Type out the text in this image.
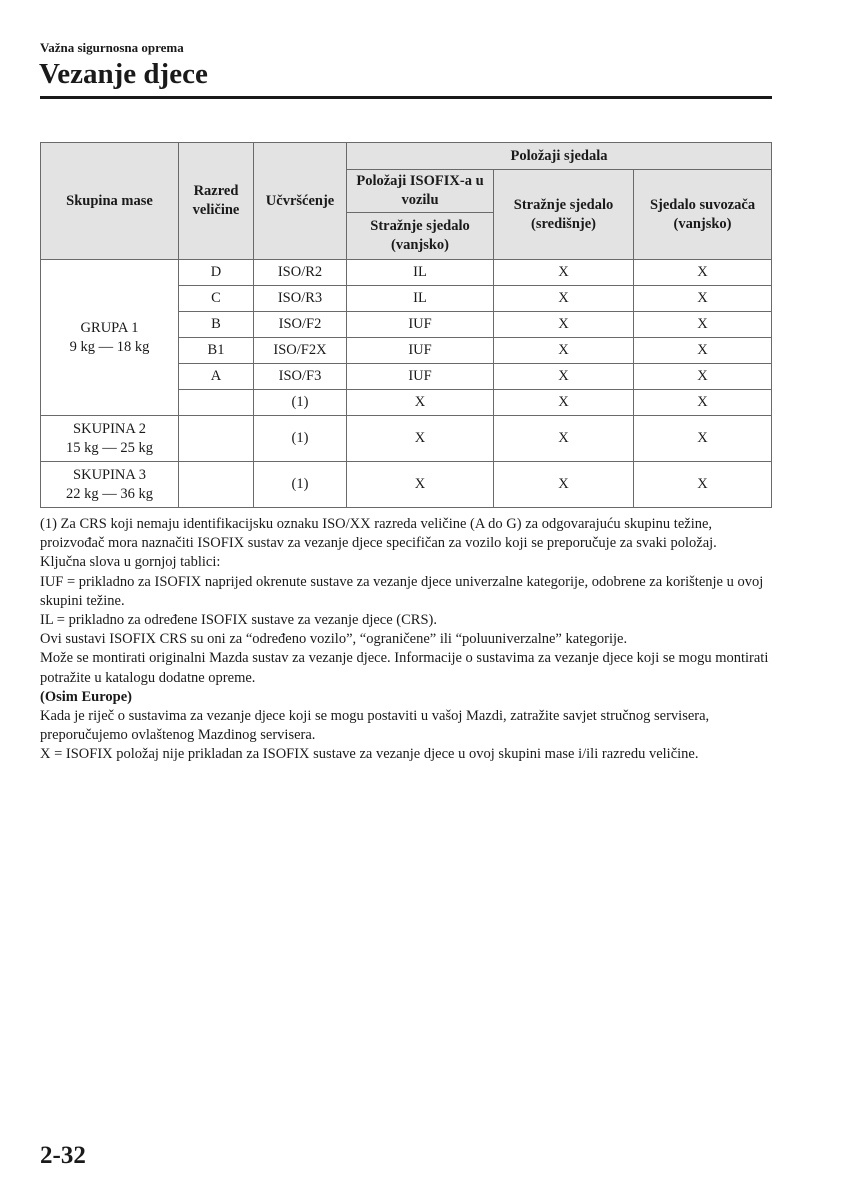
Važna sigurnosna oprema
Vezanje djece
Skupina mase	Razred veličine	Učvršćenje	Položaji sjedala		
			Položaji ISOFIX-a u vozilu	Stražnje sjedalo (središnje)	Sjedalo suvozača (vanjsko)
			Stražnje sjedalo (vanjsko)		

GRUPA 1
9 kg — 18 kg	D	ISO/R2	IL	X	X
	C	ISO/R3	IL	X	X
	B	ISO/F2	IUF	X	X
	B1	ISO/F2X	IUF	X	X
	A	ISO/F3	IUF	X	X
		(1)	X	X	X

SKUPINA 2
15 kg — 25 kg		(1)	X	X	X

SKUPINA 3
22 kg — 36 kg		(1)	X	X	X

(1) Za CRS koji nemaju identifikacijsku oznaku ISO/XX razreda veličine (A do G) za odgovarajuću skupinu težine, proizvođač mora naznačiti ISOFIX sustav za vezanje djece specifičan za vozilo koji se preporučuje za svaki položaj.

Ključna slova u gornjoj tablici:

IUF = prikladno za ISOFIX naprijed okrenute sustave za vezanje djece univerzalne kategorije, odobrene za korištenje u ovoj skupini težine.

IL = prikladno za određene ISOFIX sustave za vezanje djece (CRS).

Ovi sustavi ISOFIX CRS su oni za “određeno vozilo”, “ograničene” ili “poluuniverzalne” kategorije.

Može se montirati originalni Mazda sustav za vezanje djece. Informacije o sustavima za vezanje djece koji se mogu montirati potražite u katalogu dodatne opreme.

(Osim Europe)

Kada je riječ o sustavima za vezanje djece koji se mogu postaviti u vašoj Mazdi, zatražite savjet stručnog servisera, preporučujemo ovlaštenog Mazdinog servisera.

X = ISOFIX položaj nije prikladan za ISOFIX sustave za vezanje djece u ovoj skupini mase i/ili razredu veličine.

2-32
